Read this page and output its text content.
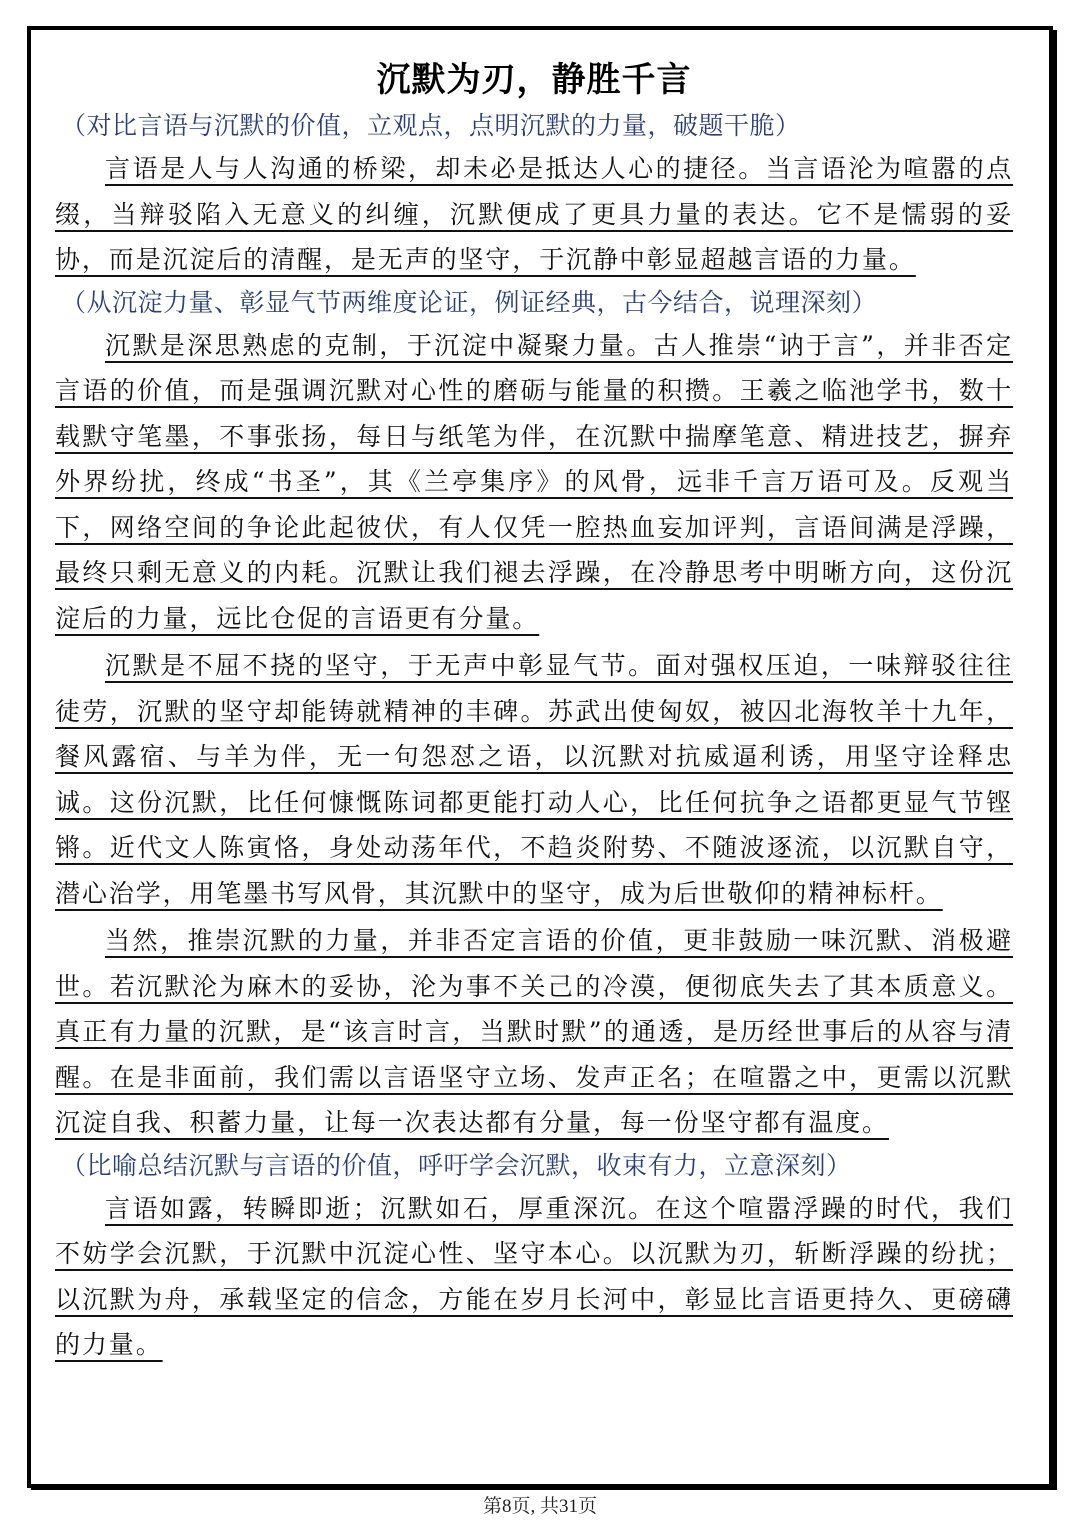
沉默为刃，静胜千言

（对比言语与沉默的价值，立观点，点明沉默的力量，破题干脆）

言语是人与人沟通的桥梁，却未必是抵达人心的捷径。当言语沦为喧嚣的点缀，当辩驳陷入无意义的纠缠，沉默便成了更具力量的表达。它不是懦弱的妥协，而是沉淀后的清醒，是无声的坚守，于沉静中彰显超越言语的力量。

（从沉淀力量、彰显气节两维度论证，例证经典，古今结合，说理深刻）

沉默是深思熟虑的克制，于沉淀中凝聚力量。古人推崇“讷于言”，并非否定言语的价值，而是强调沉默对心性的磨砺与能量的积攒。王羲之临池学书，数十载默守笔墨，不事张扬，每日与纸笔为伴，在沉默中揣摩笔意、精进技艺，摒弃外界纷扰，终成“书圣”，其《兰亭集序》的风骨，远非千言万语可及。反观当下，网络空间的争论此起彼伏，有人仅凭一腔热血妄加评判，言语间满是浮躁，最终只剩无意义的内耗。沉默让我们褪去浮躁，在冷静思考中明晰方向，这份沉淀后的力量，远比仓促的言语更有分量。

沉默是不屈不挠的坚守，于无声中彰显气节。面对强权压迫，一味辩驳往往徒劳，沉默的坚守却能铸就精神的丰碑。苏武出使匈奴，被囚北海牧羊十九年，餐风露宿、与羊为伴，无一句怨怼之语，以沉默对抗威逼利诱，用坚守诠释忠诚。这份沉默，比任何慷慨陈词都更能打动人心，比任何抗争之语都更显气节铿锵。近代文人陈寅恪，身处动荡年代，不趋炎附势、不随波逐流，以沉默自守，潜心治学，用笔墨书写风骨，其沉默中的坚守，成为后世敬仰的精神标杆。

当然，推崇沉默的力量，并非否定言语的价值，更非鼓励一味沉默、消极避世。若沉默沦为麻木的妥协，沦为事不关己的冷漠，便彻底失去了其本质意义。真正有力量的沉默，是“该言时言，当默时默”的通透，是历经世事后的从容与清醒。在是非面前，我们需以言语坚守立场、发声正名；在喧嚣之中，更需以沉默沉淀自我、积蓄力量，让每一次表达都有分量，每一份坚守都有温度。

（比喻总结沉默与言语的价值，呼吁学会沉默，收束有力，立意深刻）

言语如露，转瞬即逝；沉默如石，厚重深沉。在这个喧嚣浮躁的时代，我们不妨学会沉默，于沉默中沉淀心性、坚守本心。以沉默为刃，斩断浮躁的纷扰；以沉默为舟，承载坚定的信念，方能在岁月长河中，彰显比言语更持久、更磅礴的力量。

第8页, 共31页
